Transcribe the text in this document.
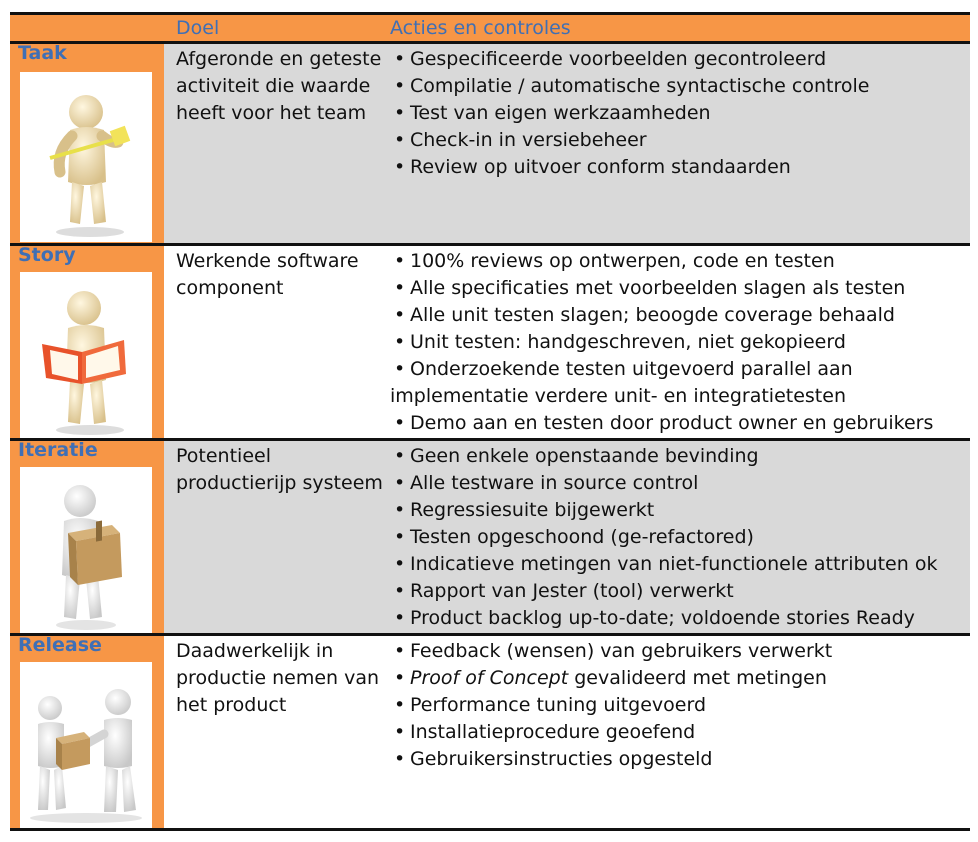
Doel	Acties en controles
Taak	Afgeronde en geteste activiteit die waarde heeft voor het team
• Gespecificeerde voorbeelden gecontroleerd
• Compilatie / automatische syntactische controle
• Test van eigen werkzaamheden
• Check-in in versiebeheer
• Review op uitvoer conform standaarden
Story	Werkende software component
• 100% reviews op ontwerpen, code en testen
• Alle specificaties met voorbeelden slagen als testen
• Alle unit testen slagen; beoogde coverage behaald
• Unit testen: handgeschreven, niet gekopieerd
• Onderzoekende testen uitgevoerd parallel aan
implementatie verdere unit- en integratietesten
• Demo aan en testen door product owner en gebruikers
Iteratie	Potentieel productierijp systeem
• Geen enkele openstaande bevinding
• Alle testware in source control
• Regressiesuite bijgewerkt
• Testen opgeschoond (ge-refactored)
• Indicatieve metingen van niet-functionele attributen ok
• Rapport van Jester (tool) verwerkt
• Product backlog up-to-date; voldoende stories Ready
Release	Daadwerkelijk in productie nemen van het product
• Feedback (wensen) van gebruikers verwerkt
• Proof of Concept gevalideerd met metingen
• Performance tuning uitgevoerd
• Installatieprocedure geoefend
• Gebruikersinstructies opgesteld
